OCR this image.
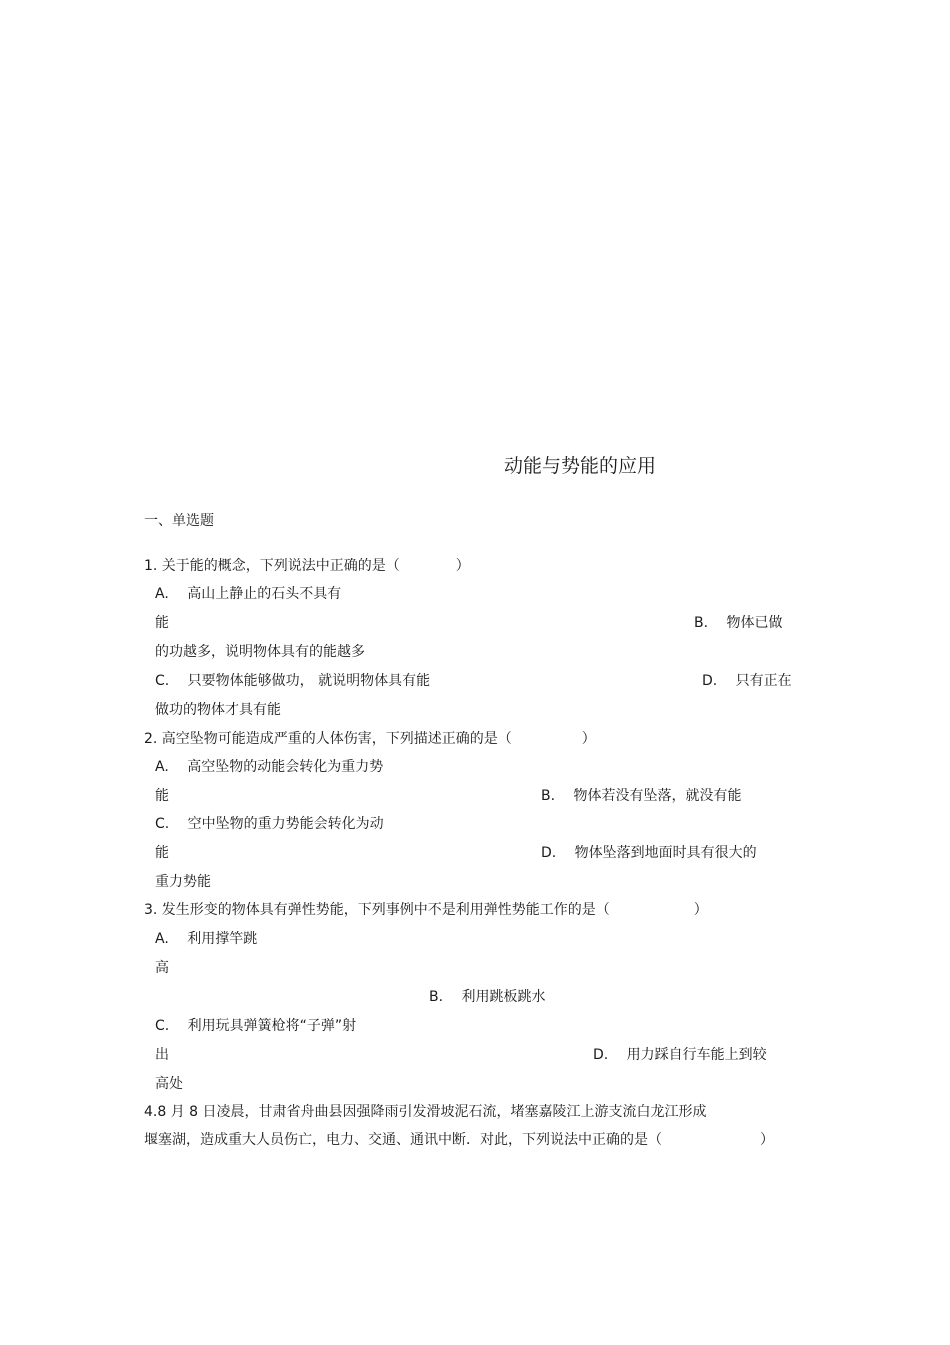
动能与势能的应用
一、单选题
1. 关于能的概念，下列说法中正确的是（　　　　）
A.　 高山上静止的石头不具有
能	B.　 物体已做
的功越多，说明物体具有的能越多
C.　 只要物体能够做功， 就说明物体具有能	D.　 只有正在
做功的物体才具有能
2. 高空坠物可能造成严重的人体伤害，下列描述正确的是（　　　　　）
A.　 高空坠物的动能会转化为重力势
能	B.　 物体若没有坠落，就没有能
C.　 空中坠物的重力势能会转化为动
能	D.　 物体坠落到地面时具有很大的
重力势能
3. 发生形变的物体具有弹性势能，下列事例中不是利用弹性势能工作的是（　　　　　　）
A.　 利用撑竿跳
高
B.　 利用跳板跳水
C.　 利用玩具弹簧枪将“子弹”射
出	D.　 用力踩自行车能上到较
高处
4.8 月 8 日凌晨，甘肃省舟曲县因强降雨引发滑坡泥石流，堵塞嘉陵江上游支流白龙江形成
堰塞湖，造成重大人员伤亡，电力、交通、通讯中断．对此，下列说法中正确的是（　　　　　　　）
